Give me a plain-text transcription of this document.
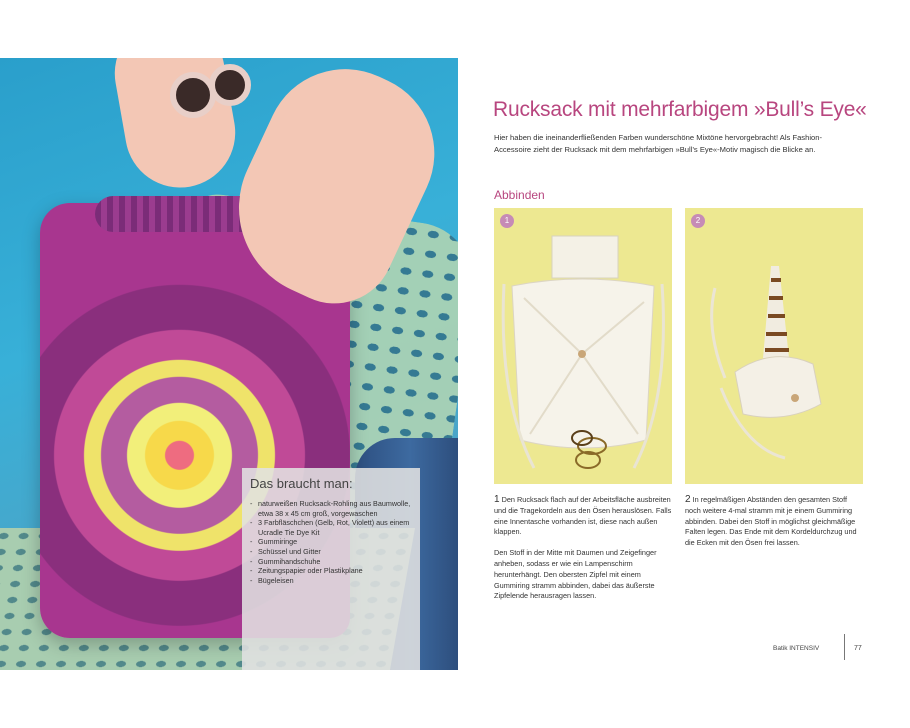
Das braucht man:
- naturweißen Rucksack-Rohling aus Baumwolle, etwa 38 x 45 cm groß, vorgewaschen
- 3 Farbfläschchen (Gelb, Rot, Violett) aus einem Ucradle Tie Dye Kit
- Gummiringe
- Schüssel und Gitter
- Gummihandschuhe
- Zeitungspapier oder Plastikplane
- Bügeleisen
Rucksack mit mehrfarbigem »Bull’s Eye«

Hier haben die ineinanderfließenden Farben wunderschöne Mixtöne hervorgebracht! Als Fashion-Accessoire zieht der Rucksack mit dem mehrfarbigen »Bull’s Eye«-Motiv magisch die Blicke an.

Abbinden
1	2

1 Den Rucksack flach auf der Arbeitsfläche ausbreiten und die Tragekordeln aus den Ösen herauslösen. Falls eine Innentasche vorhanden ist, diese nach außen klappen.

Den Stoff in der Mitte mit Daumen und Zeigefinger anheben, sodass er wie ein Lampenschirm herunterhängt. Den obersten Zipfel mit einem Gummiring stramm abbinden, dabei das äußerste Zipfelende herausragen lassen.

2 In regelmäßigen Abständen den gesamten Stoff noch weitere 4-mal stramm mit je einem Gummiring abbinden. Dabei den Stoff in möglichst gleichmäßige Falten legen. Das Ende mit dem Kordeldurchzug und die Ecken mit den Ösen frei lassen.

Batik INTENSIV	77
